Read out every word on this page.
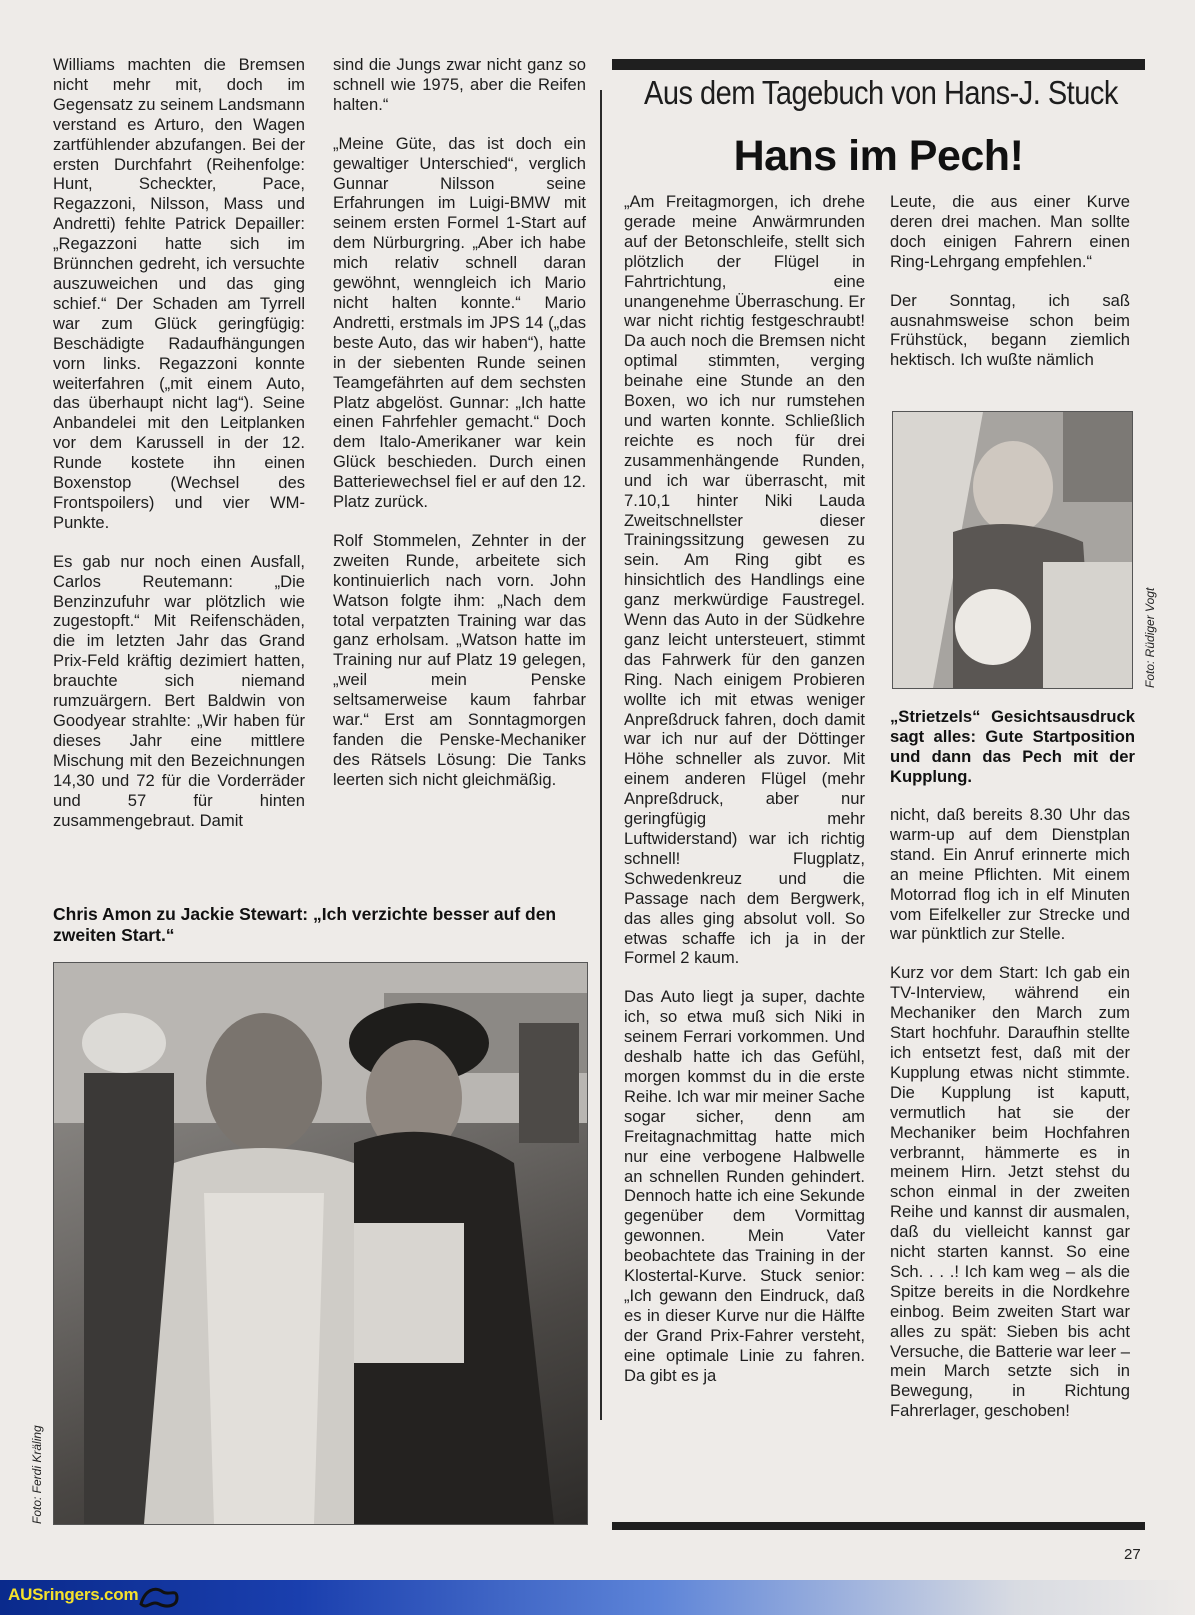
Williams machten die Bremsen nicht mehr mit, doch im Gegensatz zu seinem Landsmann verstand es Arturo, den Wagen zartfühlender abzufangen. Bei der ersten Durchfahrt (Reihenfolge: Hunt, Scheckter, Pace, Regazzoni, Nilsson, Mass und Andretti) fehlte Patrick Depailler: „Regazzoni hatte sich im Brünnchen gedreht, ich versuchte auszuweichen und das ging schief.“ Der Schaden am Tyrrell war zum Glück geringfügig: Beschädigte Radaufhängungen vorn links. Regazzoni konnte weiterfahren („mit einem Auto, das überhaupt nicht lag“). Seine Anbandelei mit den Leitplanken vor dem Karussell in der 12. Runde kostete ihn einen Boxenstop (Wechsel des Frontspoilers) und vier WM-Punkte.

Es gab nur noch einen Ausfall, Carlos Reutemann: „Die Benzinzufuhr war plötzlich wie zugestopft.“ Mit Reifenschäden, die im letzten Jahr das Grand Prix-Feld kräftig dezimiert hatten, brauchte sich niemand rumzuärgern. Bert Baldwin von Goodyear strahlte: „Wir haben für dieses Jahr eine mittlere Mischung mit den Bezeichnungen 14,30 und 72 für die Vorderräder und 57 für hinten zusammengebraut. Damit

sind die Jungs zwar nicht ganz so schnell wie 1975, aber die Reifen halten.“

„Meine Güte, das ist doch ein gewaltiger Unterschied“, verglich Gunnar Nilsson seine Erfahrungen im Luigi-BMW mit seinem ersten Formel 1-Start auf dem Nürburgring. „Aber ich habe mich relativ schnell daran gewöhnt, wenngleich ich Mario nicht halten konnte.“ Mario Andretti, erstmals im JPS 14 („das beste Auto, das wir haben“), hatte in der siebenten Runde seinen Teamgefährten auf dem sechsten Platz abgelöst. Gunnar: „Ich hatte einen Fahrfehler gemacht.“ Doch dem Italo-Amerikaner war kein Glück beschieden. Durch einen Batteriewechsel fiel er auf den 12. Platz zurück.

Rolf Stommelen, Zehnter in der zweiten Runde, arbeitete sich kontinuierlich nach vorn. John Watson folgte ihm: „Nach dem total verpatzten Training war das ganz erholsam. „Watson hatte im Training nur auf Platz 19 gelegen, „weil mein Penske seltsamerweise kaum fahrbar war.“ Erst am Sonntagmorgen fanden die Penske-Mechaniker des Rätsels Lösung: Die Tanks leerten sich nicht gleichmäßig.

Chris Amon zu Jackie Stewart: „Ich verzichte besser auf den zweiten Start.“
Foto: Ferdi Kräling
Aus dem Tagebuch von Hans-J. Stuck
Hans im Pech!

„Am Freitagmorgen, ich drehe gerade meine Anwärmrunden auf der Betonschleife, stellt sich plötzlich der Flügel in Fahrtrichtung, eine unangenehme Überraschung. Er war nicht richtig festgeschraubt! Da auch noch die Bremsen nicht optimal stimmten, verging beinahe eine Stunde an den Boxen, wo ich nur rumstehen und warten konnte. Schließlich reichte es noch für drei zusammenhängende Runden, und ich war überrascht, mit 7.10,1 hinter Niki Lauda Zweitschnellster dieser Trainingssitzung gewesen zu sein. Am Ring gibt es hinsichtlich des Handlings eine ganz merkwürdige Faustregel. Wenn das Auto in der Südkehre ganz leicht untersteuert, stimmt das Fahrwerk für den ganzen Ring. Nach einigem Probieren wollte ich mit etwas weniger Anpreßdruck fahren, doch damit war ich nur auf der Döttinger Höhe schneller als zuvor. Mit einem anderen Flügel (mehr Anpreßdruck, aber nur geringfügig mehr Luftwiderstand) war ich richtig schnell! Flugplatz, Schwedenkreuz und die Passage nach dem Bergwerk, das alles ging absolut voll. So etwas schaffe ich ja in der Formel 2 kaum.

Das Auto liegt ja super, dachte ich, so etwa muß sich Niki in seinem Ferrari vorkommen. Und deshalb hatte ich das Gefühl, morgen kommst du in die erste Reihe. Ich war mir meiner Sache sogar sicher, denn am Freitagnachmittag hatte mich nur eine verbogene Halbwelle an schnellen Runden gehindert. Dennoch hatte ich eine Sekunde gegenüber dem Vormittag gewonnen. Mein Vater beobachtete das Training in der Klostertal-Kurve. Stuck senior: „Ich gewann den Eindruck, daß es in dieser Kurve nur die Hälfte der Grand Prix-Fahrer versteht, eine optimale Linie zu fahren. Da gibt es ja

Leute, die aus einer Kurve deren drei machen. Man sollte doch einigen Fahrern einen Ring-Lehrgang empfehlen.“

Der Sonntag, ich saß ausnahmsweise schon beim Frühstück, begann ziemlich hektisch. Ich wußte nämlich

Foto: Rüdiger Vogt
„Strietzels“ Gesichtsausdruck sagt alles: Gute Startposition und dann das Pech mit der Kupplung.

nicht, daß bereits 8.30 Uhr das warm-up auf dem Dienstplan stand. Ein Anruf erinnerte mich an meine Pflichten. Mit einem Motorrad flog ich in elf Minuten vom Eifelkeller zur Strecke und war pünktlich zur Stelle.

Kurz vor dem Start: Ich gab ein TV-Interview, während ein Mechaniker den March zum Start hochfuhr. Daraufhin stellte ich entsetzt fest, daß mit der Kupplung etwas nicht stimmte. Die Kupplung ist kaputt, vermutlich hat sie der Mechaniker beim Hochfahren verbrannt, hämmerte es in meinem Hirn. Jetzt stehst du schon einmal in der zweiten Reihe und kannst dir ausmalen, daß du vielleicht kannst gar nicht starten kannst. So eine Sch. . . .! Ich kam weg – als die Spitze bereits in die Nordkehre einbog. Beim zweiten Start war alles zu spät: Sieben bis acht Versuche, die Batterie war leer – mein March setzte sich in Bewegung, in Richtung Fahrerlager, geschoben!

27
AUSringers.com
